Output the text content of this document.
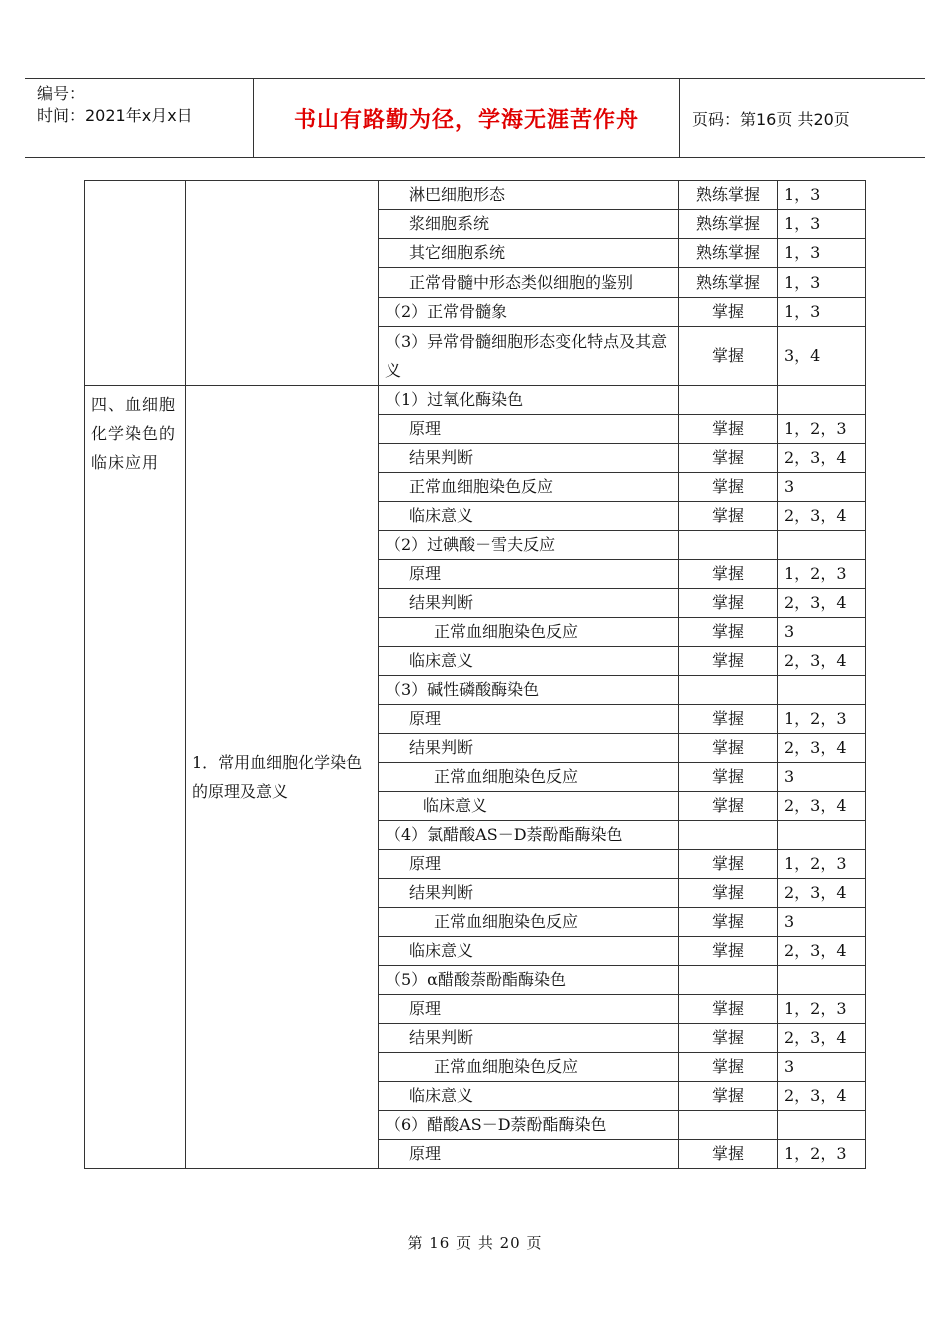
编号：
时间：2021年x月x日	书山有路勤为径，学海无涯苦作舟	页码：第16页 共20页
		淋巴细胞形态	熟练掌握	1，3
		浆细胞系统	熟练掌握	1，3
		其它细胞系统	熟练掌握	1，3
		正常骨髓中形态类似细胞的鉴别	熟练掌握	1，3
		（2）正常骨髓象	掌握	1，3
		（3）异常骨髓细胞形态变化特点及其意义	掌握	3，4
四、血细胞化学染色的临床应用	1．常用血细胞化学染色的原理及意义	（1）过氧化酶染色		
		原理	掌握	1，2，3
		结果判断	掌握	2，3，4
		正常血细胞染色反应	掌握	3
		临床意义	掌握	2，3，4
		（2）过碘酸－雪夫反应		
		原理	掌握	1，2，3
		结果判断	掌握	2，3，4
		正常血细胞染色反应	掌握	3
		临床意义	掌握	2，3，4
		（3）碱性磷酸酶染色		
		原理	掌握	1，2，3
		结果判断	掌握	2，3，4
		正常血细胞染色反应	掌握	3
		临床意义	掌握	2，3，4
		（4）氯醋酸AS－D萘酚酯酶染色		
		原理	掌握	1，2，3
		结果判断	掌握	2，3，4
		正常血细胞染色反应	掌握	3
		临床意义	掌握	2，3，4
		（5）α醋酸萘酚酯酶染色		
		原理	掌握	1，2，3
		结果判断	掌握	2，3，4
		正常血细胞染色反应	掌握	3
		临床意义	掌握	2，3，4
		（6）醋酸AS－D萘酚酯酶染色		
		原理	掌握	1，2，3
第 16 页 共 20 页
